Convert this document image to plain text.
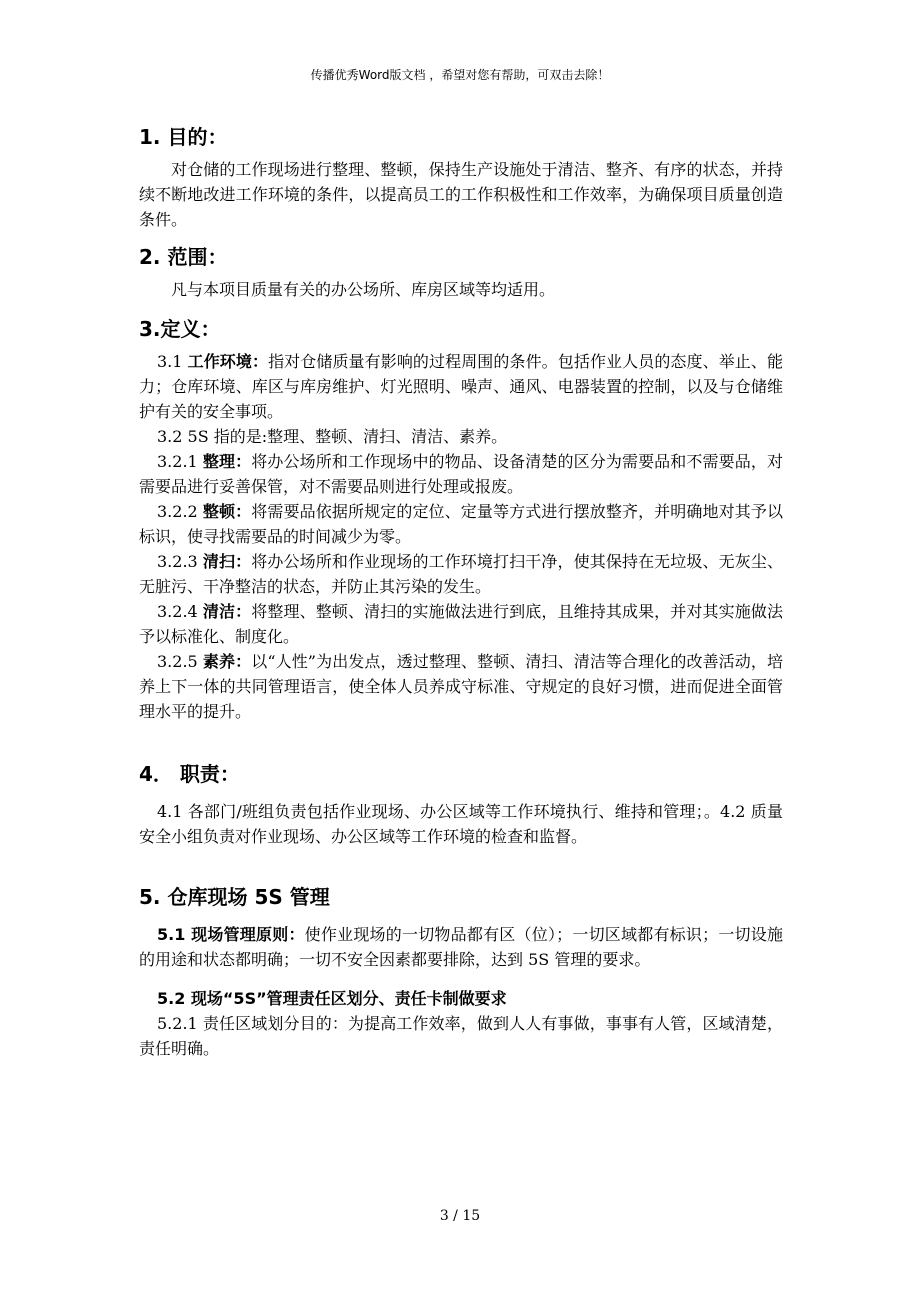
传播优秀Word版文档 ，希望对您有帮助，可双击去除！
1. 目的：
对仓储的工作现场进行整理、整顿，保持生产设施处于清洁、整齐、有序的状态，并持续不断地改进工作环境的条件，以提高员工的工作积极性和工作效率，为确保项目质量创造条件。
2. 范围：
凡与本项目质量有关的办公场所、库房区域等均适用。
3.定义：
3.1 工作环境：指对仓储质量有影响的过程周围的条件。包括作业人员的态度、举止、能力；仓库环境、库区与库房维护、灯光照明、噪声、通风、电器装置的控制，以及与仓储维护有关的安全事项。
3.2 5S 指的是:整理、整顿、清扫、清洁、素养。
3.2.1 整理：将办公场所和工作现场中的物品、设备清楚的区分为需要品和不需要品，对需要品进行妥善保管，对不需要品则进行处理或报废。
3.2.2 整顿：将需要品依据所规定的定位、定量等方式进行摆放整齐，并明确地对其予以标识，使寻找需要品的时间减少为零。
3.2.3 清扫：将办公场所和作业现场的工作环境打扫干净，使其保持在无垃圾、无灰尘、无脏污、干净整洁的状态，并防止其污染的发生。
3.2.4 清洁：将整理、整顿、清扫的实施做法进行到底，且维持其成果，并对其实施做法予以标准化、制度化。
3.2.5 素养：以“人性”为出发点，透过整理、整顿、清扫、清洁等合理化的改善活动，培养上下一体的共同管理语言，使全体人员养成守标准、守规定的良好习惯，进而促进全面管理水平的提升。
4． 职责：
4.1 各部门/班组负责包括作业现场、办公区域等工作环境执行、维持和管理；。4.2 质量安全小组负责对作业现场、办公区域等工作环境的检查和监督。
5. 仓库现场 5S 管理
5.1 现场管理原则：使作业现场的一切物品都有区（位）；一切区域都有标识；一切设施的用途和状态都明确；一切不安全因素都要排除，达到 5S 管理的要求。
5.2 现场“5S”管理责任区划分、责任卡制做要求
5.2.1 责任区域划分目的：为提高工作效率，做到人人有事做，事事有人管，区域清楚，责任明确。
3 / 15
